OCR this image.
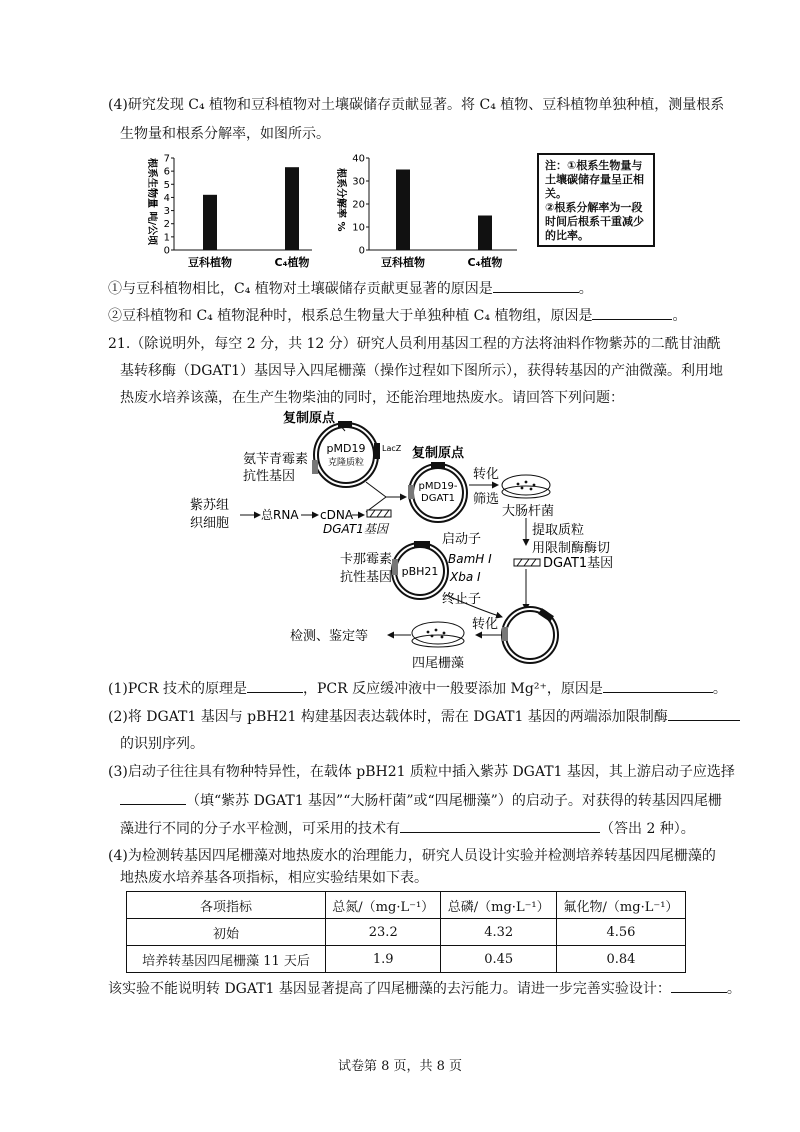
(4)研究发现 C₄ 植物和豆科植物对土壤碳储存贡献显著。将 C₄ 植物、豆科植物单独种植，测量根系
生物量和根系分解率，如图所示。
根系生物量 吨/公顷
0
1
2
3
4
5
6
7
豆科植物	C₄植物
根系分解率 %
0
10
20
30
40
豆科植物	C₄植物
注：①根系生物量与
土壤碳储存量呈正相
关。
②根系分解率为一段
时间后根系干重减少
的比率。
①与豆科植物相比，C₄ 植物对土壤碳储存贡献更显著的原因是	。
②豆科植物和 C₄ 植物混种时，根系总生物量大于单独种植 C₄ 植物组，原因是	。
21.（除说明外，每空 2 分，共 12 分）研究人员利用基因工程的方法将油料作物紫苏的二酰甘油酰
基转移酶（DGAT1）基因导入四尾栅藻（操作过程如下图所示），获得转基因的产油微藻。利用地
热废水培养该藻，在生产生物柴油的同时，还能治理地热废水。请回答下列问题：
复制原点
pMD19
克隆质粒
LacZ
氨苄青霉素
抗性基因
复制原点
pMD19-
DGAT1
转化
筛选
大肠杆菌
紫苏组
织细胞
总RNA cDNA
DGAT1基因	提取质粒
用限制酶酶切
DGAT1基因
pBH21
启动子
BamH I
Xba I
终止子
卡那霉素
抗性基因
转化
四尾栅藻
检测、鉴定等
(1)PCR 技术的原理是	，PCR 反应缓冲液中一般要添加 Mg²⁺，原因是	。
(2)将 DGAT1 基因与 pBH21 构建基因表达载体时，需在 DGAT1 基因的两端添加限制酶
的识别序列。
(3)启动子往往具有物种特异性，在载体 pBH21 质粒中插入紫苏 DGAT1 基因，其上游启动子应选择
（填“紫苏 DGAT1 基因”“大肠杆菌”或“四尾栅藻”）的启动子。对获得的转基因四尾栅
藻进行不同的分子水平检测，可采用的技术有	（答出 2 种）。
(4)为检测转基因四尾栅藻对地热废水的治理能力，研究人员设计实验并检测培养转基因四尾栅藻的
地热废水培养基各项指标，相应实验结果如下表。
各项指标	总氮/（mg·L⁻¹）	总磷/（mg·L⁻¹）	氟化物/（mg·L⁻¹）
初始	23.2	4.32	4.56
培养转基因四尾栅藻 11 天后	1.9	0.45	0.84
该实验不能说明转 DGAT1 基因显著提高了四尾栅藻的去污能力。请进一步完善实验设计：	。
试卷第 8 页，共 8 页
